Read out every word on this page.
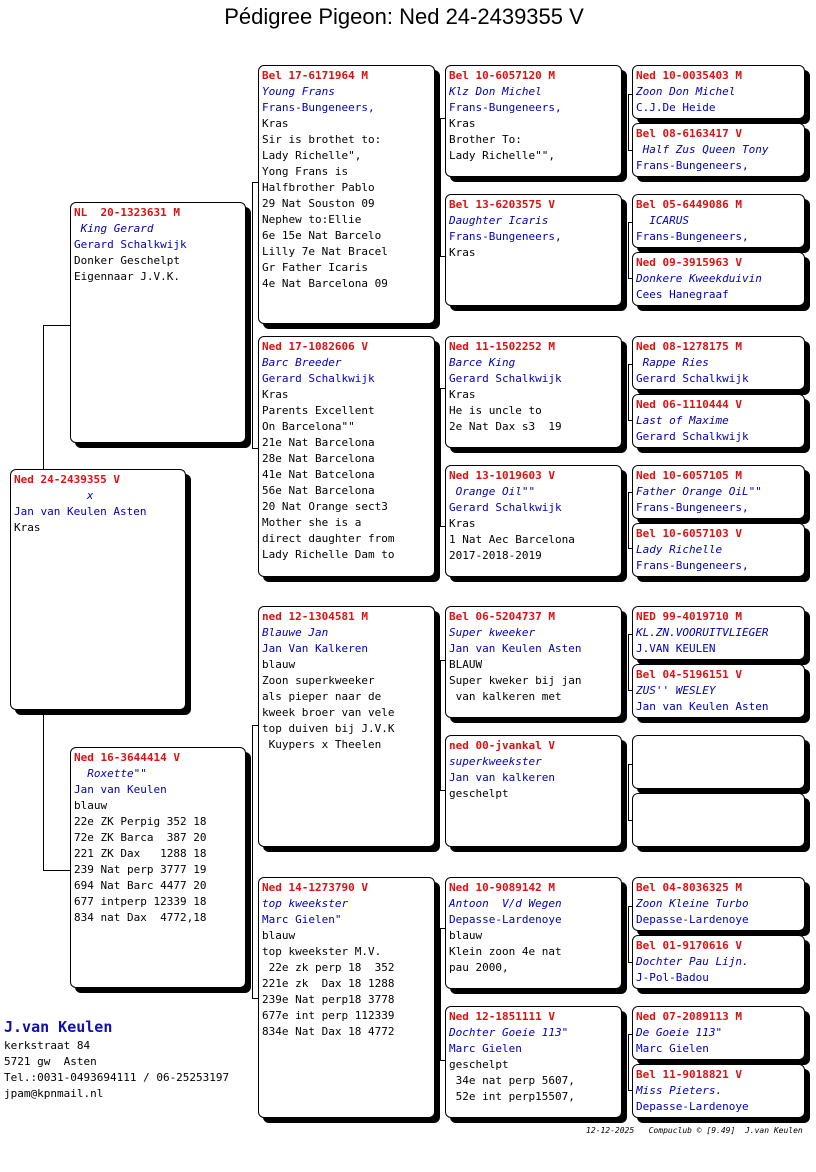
Pédigree Pigeon: Ned 24-2439355 V
Ned 24-2439355 V
x
Jan van Keulen Asten
Kras
NL  20-1323631 M
King Gerard
Gerard Schalkwijk
Donker Geschelpt
Eigennaar J.V.K.
Ned 16-3644414 V
Roxette""
Jan van Keulen
blauw
22e ZK Perpig 352 18
72e ZK Barca  387 20
221 ZK Dax   1288 18
239 Nat perp 3777 19
694 Nat Barc 4477 20
677 intperp 12339 18
834 nat Dax  4772,18
Bel 17-6171964 M
Young Frans
Frans-Bungeneers,
Kras
Sir is brothet to:
Lady Richelle",
Yong Frans is
Halfbrother Pablo
29 Nat Souston 09
Nephew to:Ellie
6e 15e Nat Barcelo
Lilly 7e Nat Bracel
Gr Father Icaris
4e Nat Barcelona 09
Ned 17-1082606 V
Barc Breeder
Gerard Schalkwijk
Kras
Parents Excellent
On Barcelona""
21e Nat Barcelona
28e Nat Barcelona
41e Nat Batcelona
56e Nat Barcelona
20 Nat Orange sect3
Mother she is a
direct daughter from
Lady Richelle Dam to
ned 12-1304581 M
Blauwe Jan
Jan Van Kalkeren
blauw
Zoon superkweeker
als pieper naar de
kweek broer van vele
top duiven bij J.V.K
Kuypers x Theelen
Ned 14-1273790 V
top kweekster
Marc Gielen"
blauw
top kweekster M.V.
22e zk perp 18  352
221e zk  Dax 18 1288
239e Nat perp18 3778
677e int perp 112339
834e Nat Dax 18 4772
Bel 10-6057120 M
Klz Don Michel
Frans-Bungeneers,
Kras
Brother To:
Lady Richelle"",
Bel 13-6203575 V
Daughter Icaris
Frans-Bungeneers,
Kras
Ned 11-1502252 M
Barce King
Gerard Schalkwijk
Kras
He is uncle to
2e Nat Dax s3  19
Ned 13-1019603 V
Orange Oil""
Gerard Schalkwijk
Kras
1 Nat Aec Barcelona
2017-2018-2019
Bel 06-5204737 M
Super kweeker
Jan van Keulen Asten
BLAUW
Super kweker bij jan
van kalkeren met
ned 00-jvankal V
superkweekster
Jan van kalkeren
geschelpt
Ned 10-9089142 M
Antoon  V/d Wegen
Depasse-Lardenoye
blauw
Klein zoon 4e nat
pau 2000,
Ned 12-1851111 V
Dochter Goeie 113"
Marc Gielen
geschelpt
34e nat perp 5607,
52e int perp15507,
Ned 10-0035403 M
Zoon Don Michel
C.J.De Heide
Bel 08-6163417 V
Half Zus Queen Tony
Frans-Bungeneers,
Bel 05-6449086 M
ICARUS
Frans-Bungeneers,
Ned 09-3915963 V
Donkere Kweekduivin
Cees Hanegraaf
Ned 08-1278175 M
Rappe Ries
Gerard Schalkwijk
Ned 06-1110444 V
Last of Maxime
Gerard Schalkwijk
Ned 10-6057105 M
Father Orange OiL""
Frans-Bungeneers,
Bel 10-6057103 V
Lady Richelle
Frans-Bungeneers,
NED 99-4019710 M
KL.ZN.VOORUITVLIEGER
J.VAN KEULEN
Bel 04-5196151 V
ZUS'' WESLEY
Jan van Keulen Asten
Bel 04-8036325 M
Zoon Kleine Turbo
Depasse-Lardenoye
Bel 01-9170616 V
Dochter Pau Lijn.
J-Pol-Badou
Ned 07-2089113 M
De Goeie 113"
Marc Gielen
Bel 11-9018821 V
Miss Pieters.
Depasse-Lardenoye
J.van Keulen
kerkstraat 84
5721 gw  Asten
Tel.:0031-0493694111 / 06-25253197
jpam@kpnmail.nl
12-12-2025   Compuclub © [9.49]  J.van Keulen
